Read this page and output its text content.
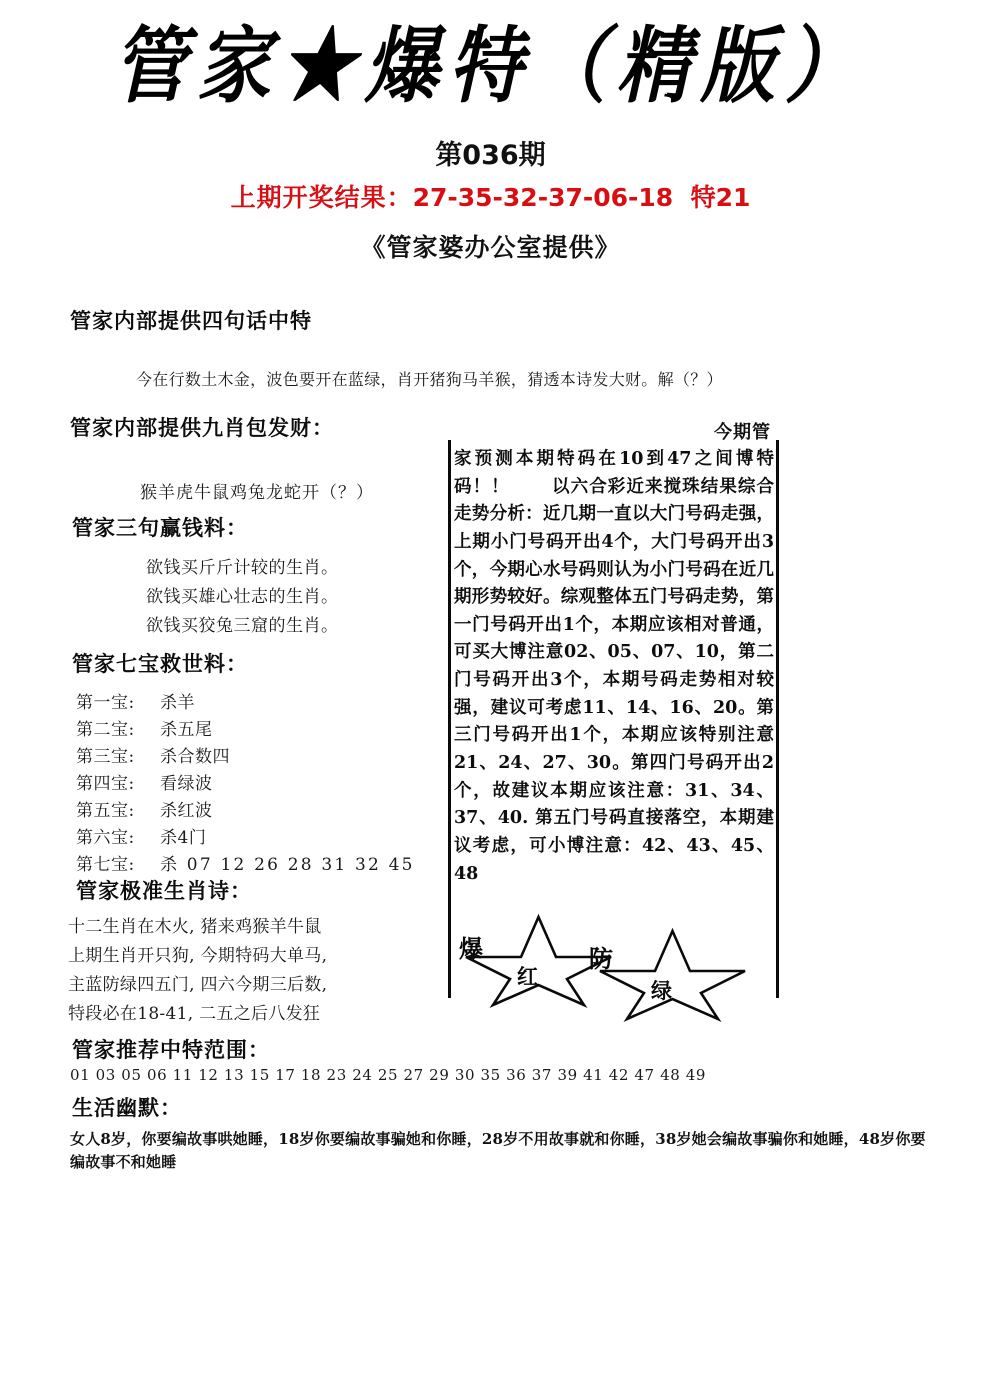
管家★爆特（精版）
第036期
上期开奖结果：27-35-32-37-06-18 特21
《管家婆办公室提供》
管家内部提供四句话中特
今在行数土木金，波色要开在蓝绿，肖开猪狗马羊猴，猜透本诗发大财。解（？）
管家内部提供九肖包发财：
猴羊虎牛鼠鸡兔龙蛇开（？）
管家三句赢钱料：
欲钱买斤斤计较的生肖。
欲钱买雄心壮志的生肖。
欲钱买狡兔三窟的生肖。
管家七宝救世料：
第一宝: 杀羊
第二宝: 杀五尾
第三宝: 杀合数四
第四宝: 看绿波
第五宝: 杀红波
第六宝: 杀4门
第七宝: 杀 07 12 26 28 31 32 45
管家极准生肖诗：
十二生肖在木火, 猪来鸡猴羊牛鼠
上期生肖开只狗, 今期特码大单马,
主蓝防绿四五门, 四六今期三后数,
特段必在18-41, 二五之后八发狂
管家推荐中特范围：
01 03 05 06 11 12 13 15 17 18 23 24 25 27 29 30 35 36 37 39 41 42 47 48 49
生活幽默：
女人8岁，你要编故事哄她睡，18岁你要编故事骗她和你睡，28岁不用故事就和你睡，38岁她会编故事骗你和她睡，48岁你要编故事不和她睡
今期管
家预测本期特码在10到47之间博特码！！ 以六合彩近来搅珠结果综合走势分析：近几期一直以大门号码走强，上期小门号码开出4个，大门号码开出3个，今期心水号码则认为小门号码在近几期形势较好。综观整体五门号码走势，第一门号码开出1个，本期应该相对普通，可买大博注意02、05、07、10，第二门号码开出3个，本期号码走势相对较强，建议可考虑11、14、16、20。第三门号码开出1个，本期应该特别注意21、24、27、30。第四门号码开出2个，故建议本期应该注意：31、34、37、40. 第五门号码直接落空，本期建议考虑，可小博注意：42、43、45、48
爆
红
防
绿
